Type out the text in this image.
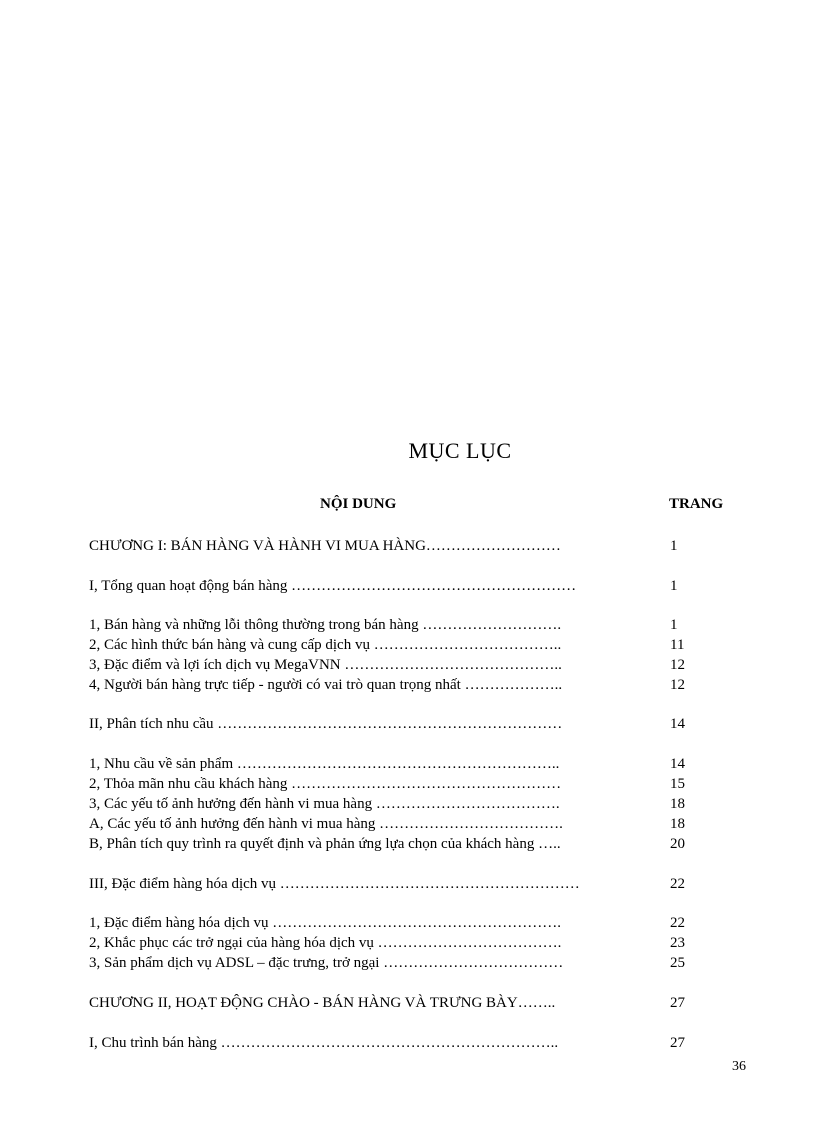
MỤC LỤC
NỘI DUNG	TRANG
CHƯƠNG I: BÁN HÀNG VÀ HÀNH VI MUA HÀNG………………………	1
I, Tổng quan hoạt động bán hàng …………………………………………………	1
1, Bán hàng và những lỗi thông thường trong bán hàng ……………………….	1
2, Các hình thức bán hàng và cung cấp dịch vụ ………………………………..	11
3, Đặc điểm và lợi ích dịch vụ MegaVNN ……………………………………..	12
4, Người bán hàng trực tiếp - người có vai trò quan trọng nhất ………………..	12
II, Phân tích nhu cầu ……………………………………………………………	14
1, Nhu cầu về sản phẩm ………………………………………………………..	14
2, Thỏa mãn nhu cầu khách hàng ………………………………………………	15
3, Các yếu tố ảnh hưởng đến hành vi mua hàng ……………………………….	18
A, Các yếu tố ảnh hưởng đến hành vi mua hàng ……………………………….	18
B, Phân tích quy trình ra quyết định và phản ứng lựa chọn của khách hàng …..	20
III, Đặc điểm hàng hóa dịch vụ ……………………………………………………	22
1, Đặc điểm hàng hóa dịch vụ ………………………………………………….	22
2, Khắc phục các trở ngại của hàng hóa dịch vụ ……………………………….	23
3, Sản phẩm dịch vụ ADSL – đặc trưng, trở ngại ………………………………	25
CHƯƠNG II, HOẠT ĐỘNG CHÀO - BÁN HÀNG VÀ TRƯNG BÀY……..	27
I, Chu trình bán hàng …………………………………………………………..	27
36
